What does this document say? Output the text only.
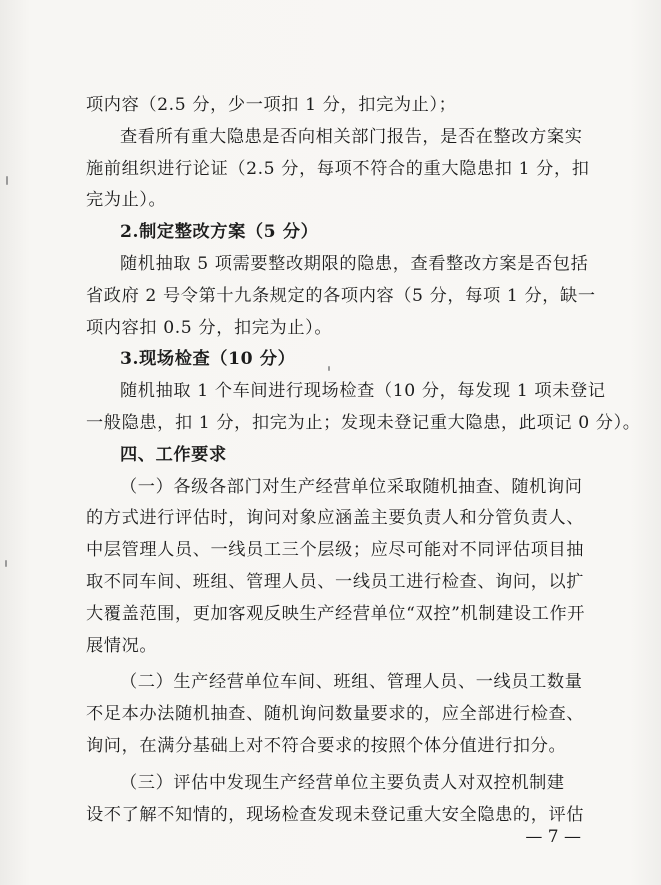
项内容（2.5 分，少一项扣 1 分，扣完为止）；
查看所有重大隐患是否向相关部门报告，是否在整改方案实
施前组织进行论证（2.5 分，每项不符合的重大隐患扣 1 分，扣
完为止）。
2.制定整改方案（5 分）
随机抽取 5 项需要整改期限的隐患，查看整改方案是否包括
省政府 2 号令第十九条规定的各项内容（5 分，每项 1 分，缺一
项内容扣 0.5 分，扣完为止）。
3.现场检查（10 分）
随机抽取 1 个车间进行现场检查（10 分，每发现 1 项未登记
一般隐患，扣 1 分，扣完为止；发现未登记重大隐患，此项记 0 分）。
四、工作要求
（一）各级各部门对生产经营单位采取随机抽查、随机询问
的方式进行评估时，询问对象应涵盖主要负责人和分管负责人、
中层管理人员、一线员工三个层级；应尽可能对不同评估项目抽
取不同车间、班组、管理人员、一线员工进行检查、询问，以扩
大覆盖范围，更加客观反映生产经营单位“双控”机制建设工作开
展情况。
（二）生产经营单位车间、班组、管理人员、一线员工数量
不足本办法随机抽查、随机询问数量要求的，应全部进行检查、
询问，在满分基础上对不符合要求的按照个体分值进行扣分。
（三）评估中发现生产经营单位主要负责人对双控机制建
设不了解不知情的，现场检查发现未登记重大安全隐患的，评估
— 7 —
